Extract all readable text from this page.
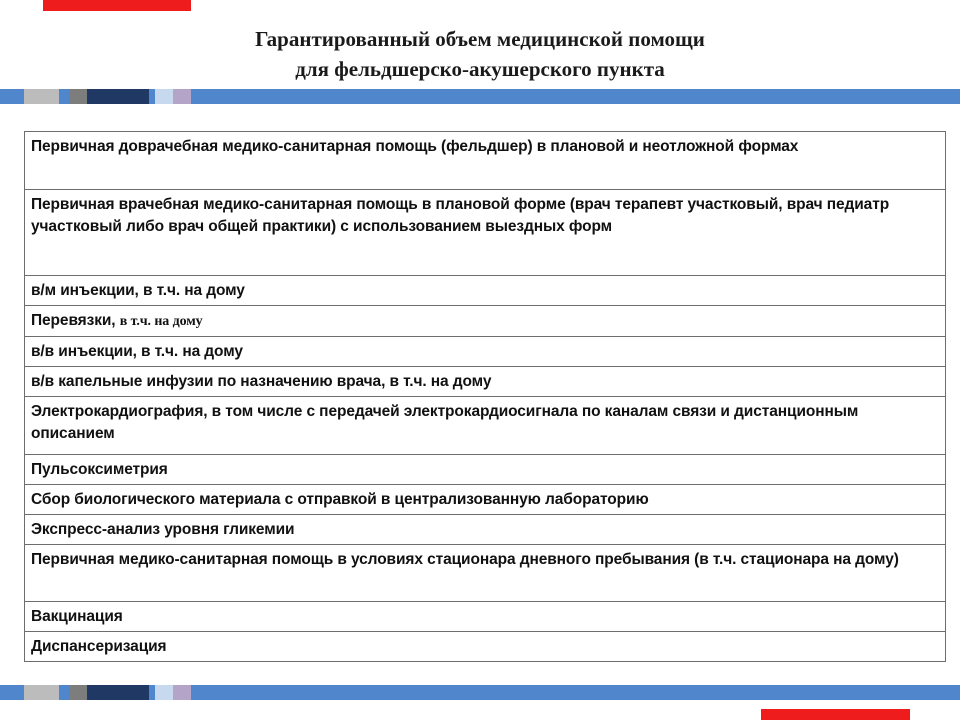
Гарантированный объем медицинской помощи
для фельдшерско-акушерского пункта
Первичная доврачебная медико-санитарная помощь (фельдшер) в плановой и неотложной формах
Первичная врачебная медико-санитарная помощь в плановой форме (врач терапевт участковый, врач педиатр участковый либо врач общей практики) с использованием выездных форм
в/м инъекции, в т.ч. на дому
Перевязки, в т.ч. на дому
в/в инъекции, в т.ч. на дому
в/в капельные инфузии по назначению врача, в т.ч. на дому
Электрокардиография, в том числе с передачей электрокардиосигнала по каналам связи и дистанционным описанием
Пульсоксиметрия
Сбор биологического материала с отправкой в централизованную лабораторию
Экспресс-анализ уровня гликемии
Первичная медико-санитарная помощь в условиях стационара дневного пребывания (в т.ч. стационара на дому)
Вакцинация
Диспансеризация
